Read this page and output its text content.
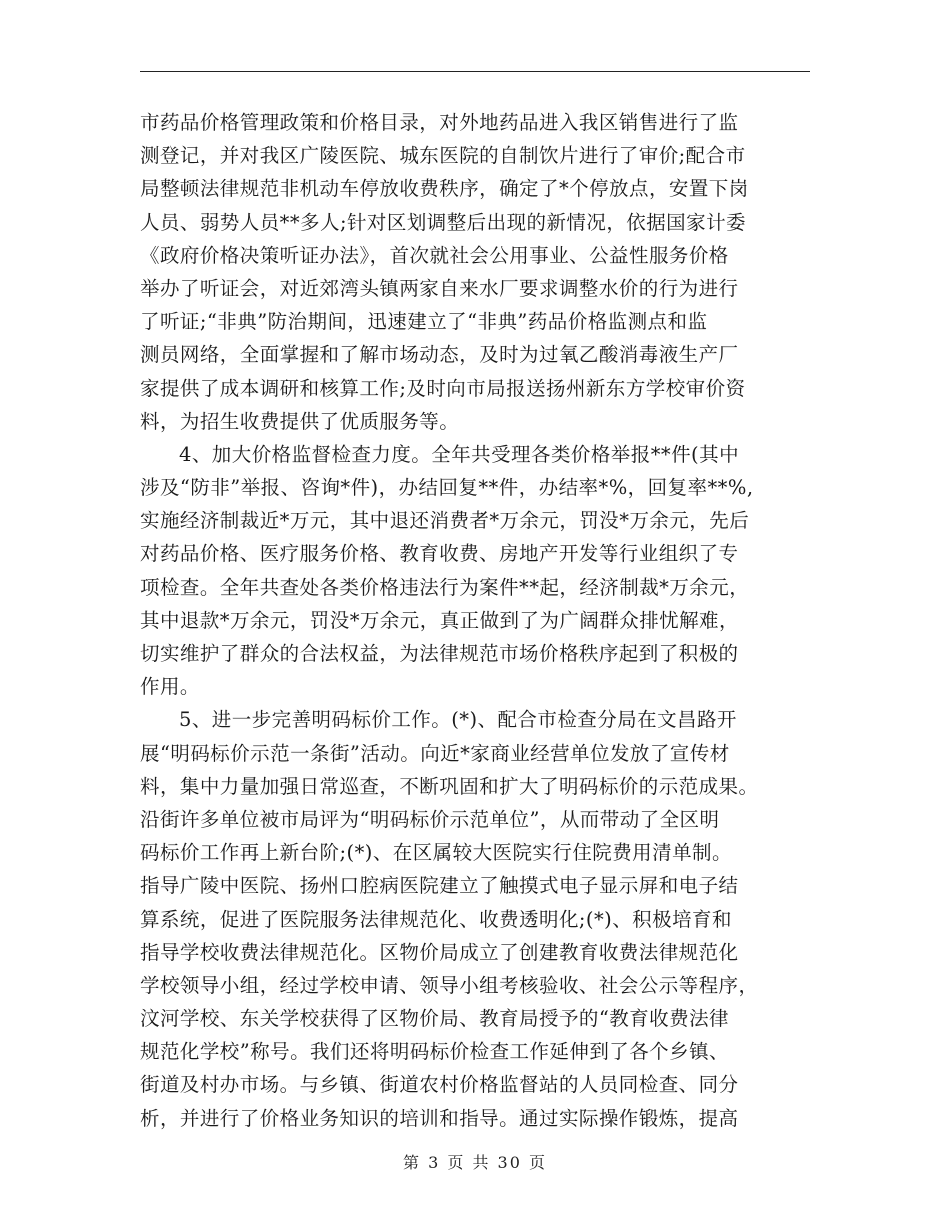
市药品价格管理政策和价格目录，对外地药品进入我区销售进行了监
测登记，并对我区广陵医院、城东医院的自制饮片进行了审价;配合市
局整顿法律规范非机动车停放收费秩序，确定了*个停放点，安置下岗
人员、弱势人员**多人;针对区划调整后出现的新情况，依据国家计委
《政府价格决策听证办法》，首次就社会公用事业、公益性服务价格
举办了听证会，对近郊湾头镇两家自来水厂要求调整水价的行为进行
了听证;“非典”防治期间，迅速建立了“非典”药品价格监测点和监
测员网络，全面掌握和了解市场动态，及时为过氧乙酸消毒液生产厂
家提供了成本调研和核算工作;及时向市局报送扬州新东方学校审价资
料，为招生收费提供了优质服务等。
4、加大价格监督检查力度。全年共受理各类价格举报**件(其中
涉及“防非”举报、咨询*件)，办结回复**件，办结率*%，回复率**%,
实施经济制裁近*万元，其中退还消费者*万余元，罚没*万余元，先后
对药品价格、医疗服务价格、教育收费、房地产开发等行业组织了专
项检查。全年共查处各类价格违法行为案件**起，经济制裁*万余元，
其中退款*万余元，罚没*万余元，真正做到了为广阔群众排忧解难，
切实维护了群众的合法权益，为法律规范市场价格秩序起到了积极的
作用。
5、进一步完善明码标价工作。(*)、配合市检查分局在文昌路开
展“明码标价示范一条街”活动。向近*家商业经营单位发放了宣传材
料，集中力量加强日常巡查，不断巩固和扩大了明码标价的示范成果。
沿街许多单位被市局评为“明码标价示范单位”，从而带动了全区明
码标价工作再上新台阶;(*)、在区属较大医院实行住院费用清单制。
指导广陵中医院、扬州口腔病医院建立了触摸式电子显示屏和电子结
算系统，促进了医院服务法律规范化、收费透明化;(*)、积极培育和
指导学校收费法律规范化。区物价局成立了创建教育收费法律规范化
学校领导小组，经过学校申请、领导小组考核验收、社会公示等程序，
汶河学校、东关学校获得了区物价局、教育局授予的“教育收费法律
规范化学校”称号。我们还将明码标价检查工作延伸到了各个乡镇、
街道及村办市场。与乡镇、街道农村价格监督站的人员同检查、同分
析，并进行了价格业务知识的培训和指导。通过实际操作锻炼，提高
第 3 页 共 30 页
